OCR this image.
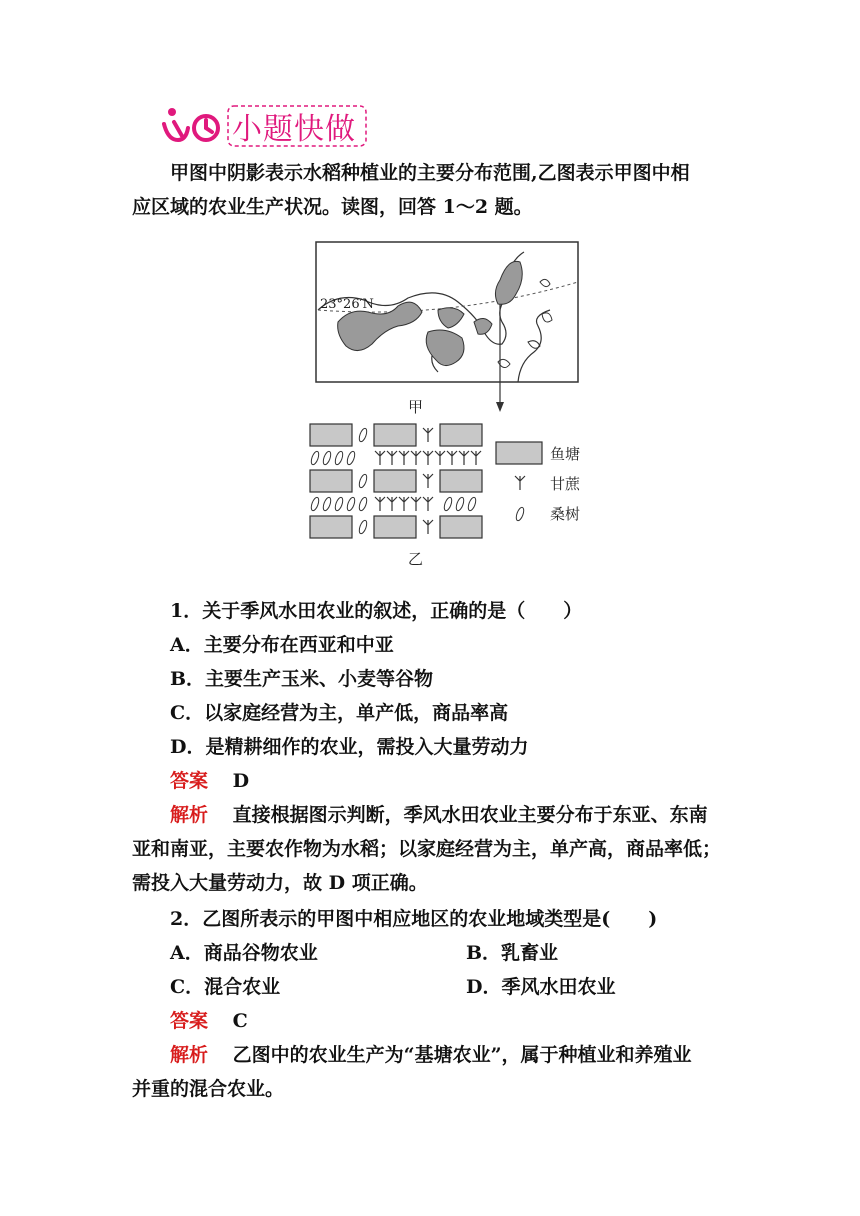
小题快做
甲图中阴影表示水稻种植业的主要分布范围,乙图表示甲图中相
应区域的农业生产状况。读图，回答 1～2 题。
23°26′N
甲
乙
鱼塘
甘蔗
桑树
1．关于季风水田农业的叙述，正确的是（　　）
A．主要分布在西亚和中亚
B．主要生产玉米、小麦等谷物
C．以家庭经营为主，单产低，商品率高
D．是精耕细作的农业，需投入大量劳动力
答案 D
解析 直接根据图示判断，季风水田农业主要分布于东亚、东南
亚和南亚，主要农作物为水稻；以家庭经营为主，单产高，商品率低；
需投入大量劳动力，故 D 项正确。
2．乙图所表示的甲图中相应地区的农业地域类型是(　　)
A．商品谷物农业	B．乳畜业
C．混合农业	D．季风水田农业
答案 C
解析 乙图中的农业生产为“基塘农业”，属于种植业和养殖业
并重的混合农业。
